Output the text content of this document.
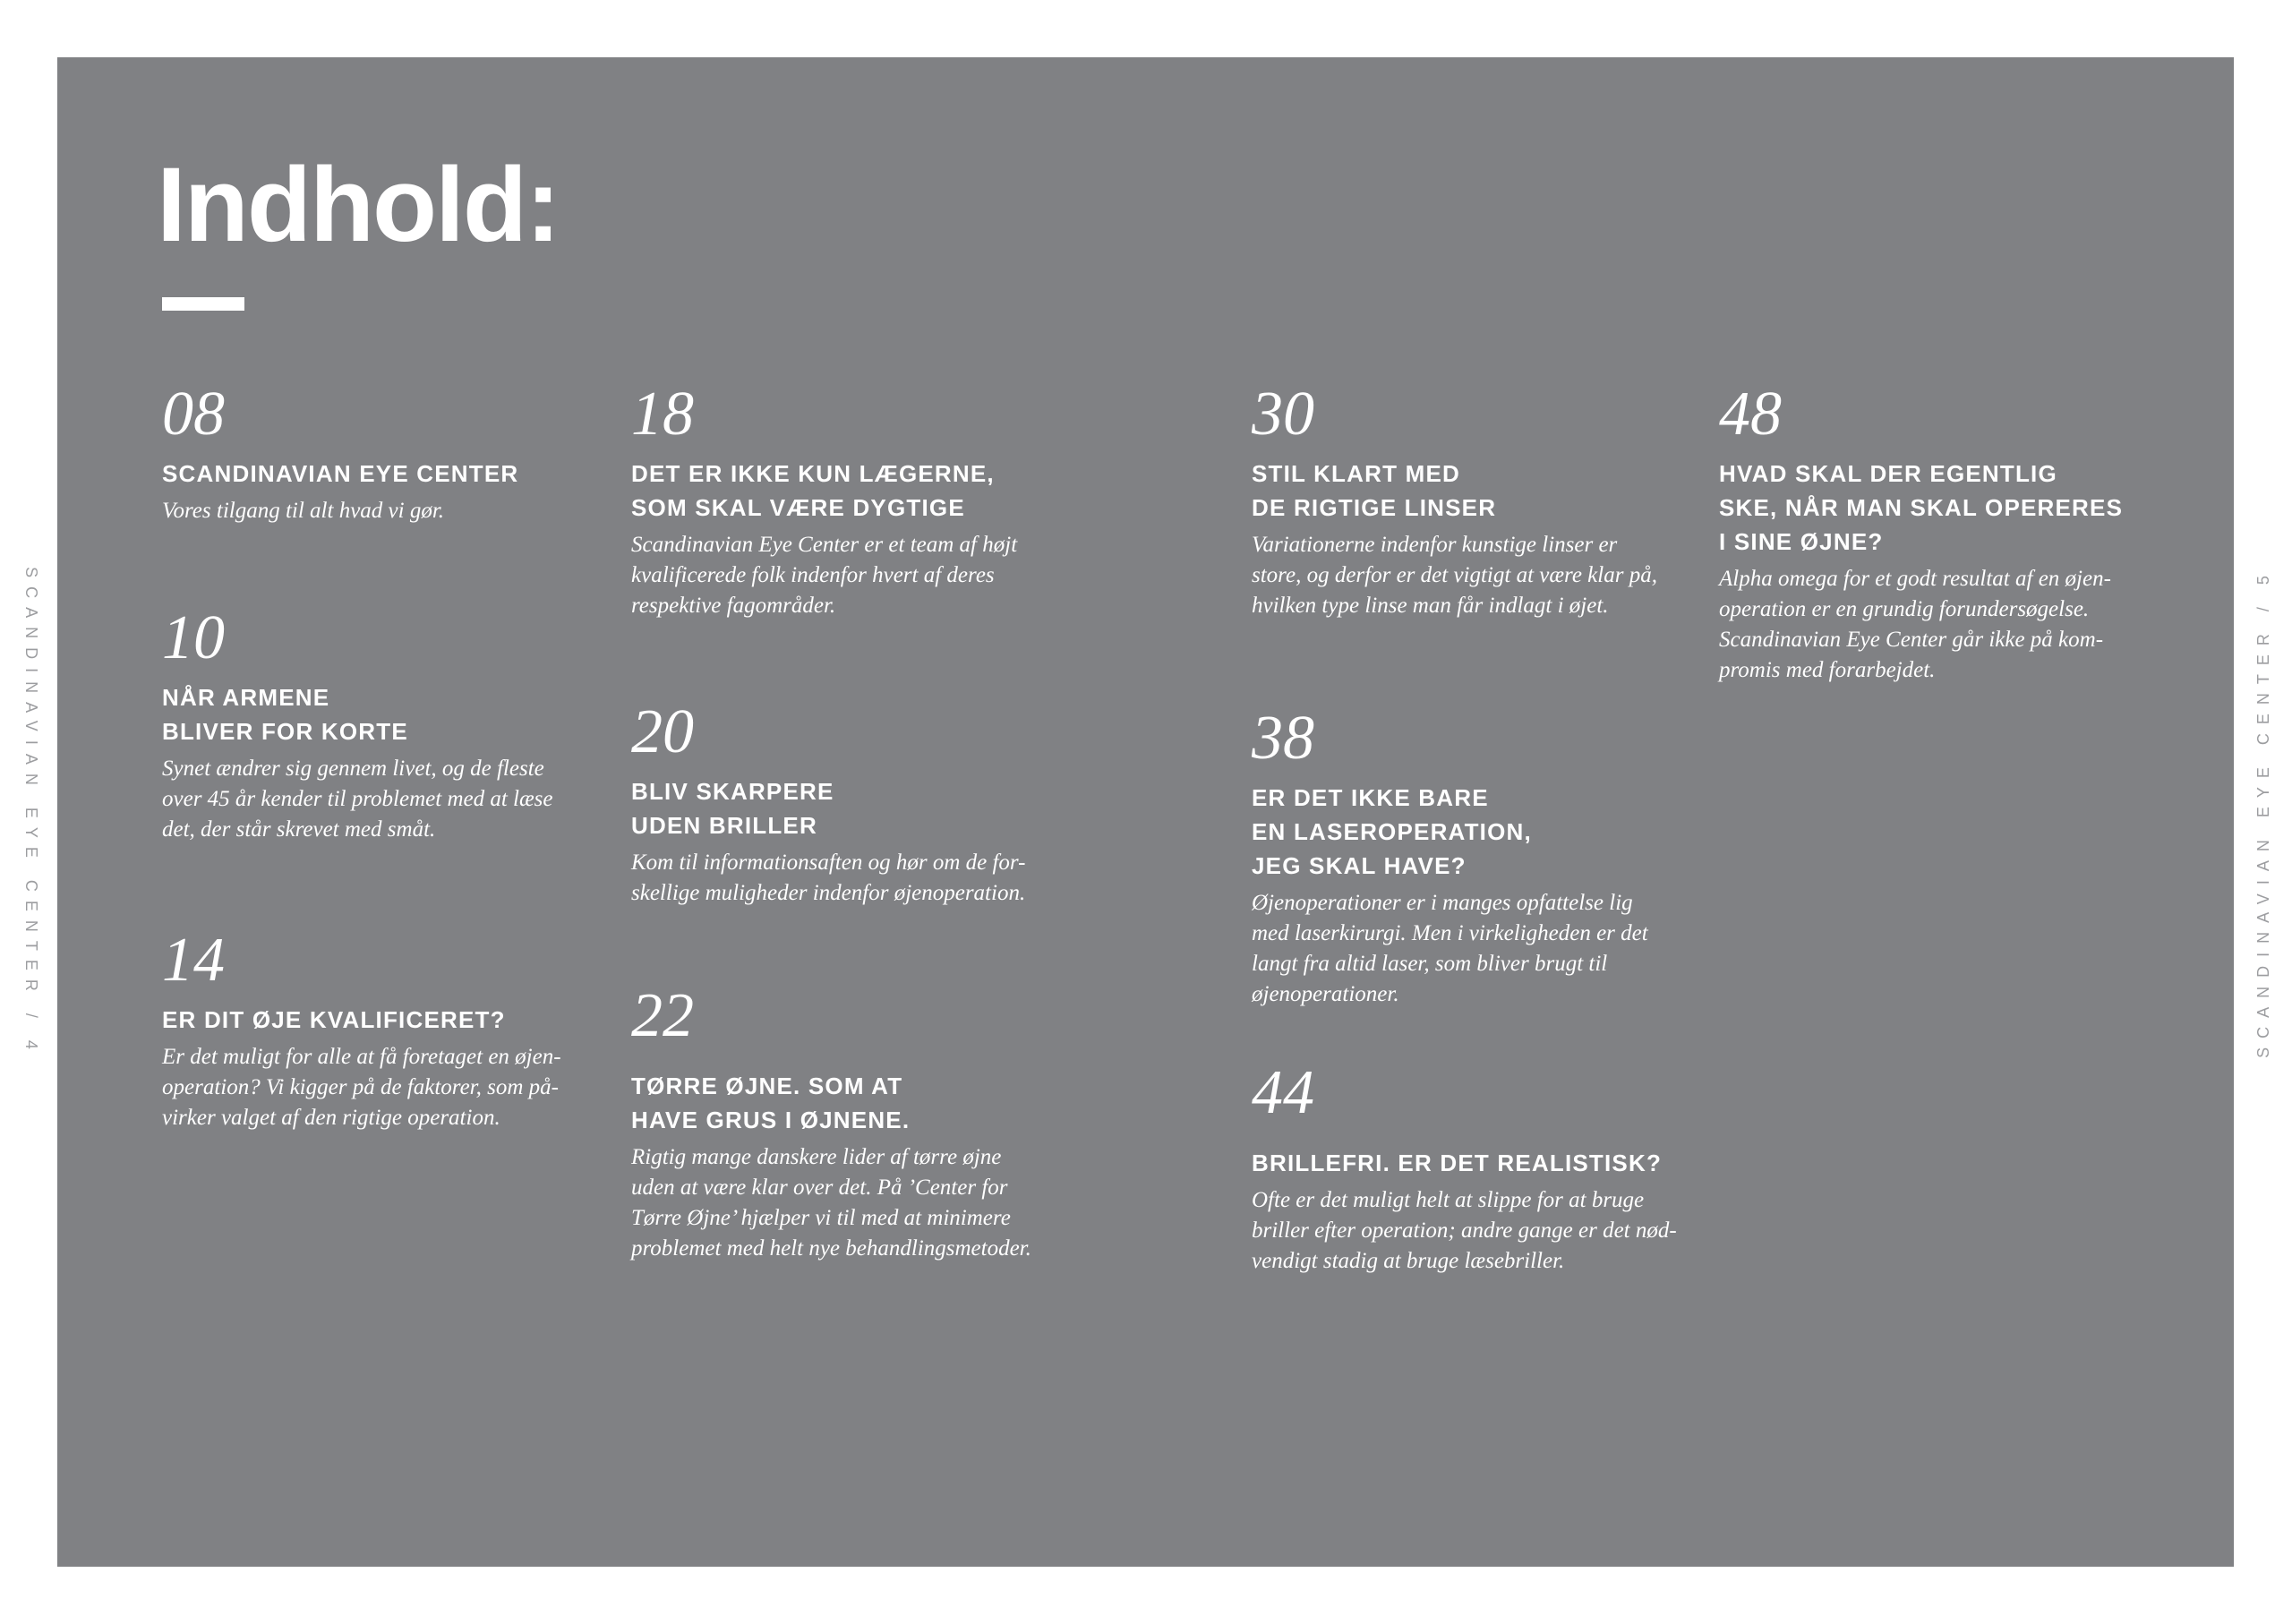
Indhold:

08

SCANDINAVIAN EYE CENTER

Vores tilgang til alt hvad vi gør.

10

NÅR ARMENE
BLIVER FOR KORTE

Synet ændrer sig gennem livet, og de fleste
over 45 år kender til problemet med at læse
det, der står skrevet med småt.

14

ER DIT ØJE KVALIFICERET?

Er det muligt for alle at få foretaget en øjen-
operation? Vi kigger på de faktorer, som på-
virker valget af den rigtige operation.

18

DET ER IKKE KUN LÆGERNE,
SOM SKAL VÆRE DYGTIGE

Scandinavian Eye Center er et team af højt
kvalificerede folk indenfor hvert af deres
respektive fagområder.

20

BLIV SKARPERE
UDEN BRILLER

Kom til informationsaften og hør om de for-
skellige muligheder indenfor øjenoperation.

22

TØRRE ØJNE. SOM AT
HAVE GRUS I ØJNENE.

Rigtig mange danskere lider af tørre øjne
uden at være klar over det. På ’Center for
Tørre Øjne’ hjælper vi til med at minimere
problemet med helt nye behandlingsmetoder.

30

STIL KLART MED
DE RIGTIGE LINSER

Variationerne indenfor kunstige linser er
store, og derfor er det vigtigt at være klar på,
hvilken type linse man får indlagt i øjet.

38

ER DET IKKE BARE
EN LASEROPERATION,
JEG SKAL HAVE?

Øjenoperationer er i manges opfattelse lig
med laserkirurgi. Men i virkeligheden er det
langt fra altid laser, som bliver brugt til
øjenoperationer.

44

BRILLEFRI. ER DET REALISTISK?

Ofte er det muligt helt at slippe for at bruge
briller efter operation; andre gange er det nød-
vendigt stadig at bruge læsebriller.

48

HVAD SKAL DER EGENTLIG
SKE, NÅR MAN SKAL OPERERES
I SINE ØJNE?

Alpha omega for et godt resultat af en øjen-
operation er en grundig forundersøgelse.
Scandinavian Eye Center går ikke på kom-
promis med forarbejdet.

SCANDINAVIAN EYE CENTER / 4	SCANDINAVIAN EYE CENTER / 5
